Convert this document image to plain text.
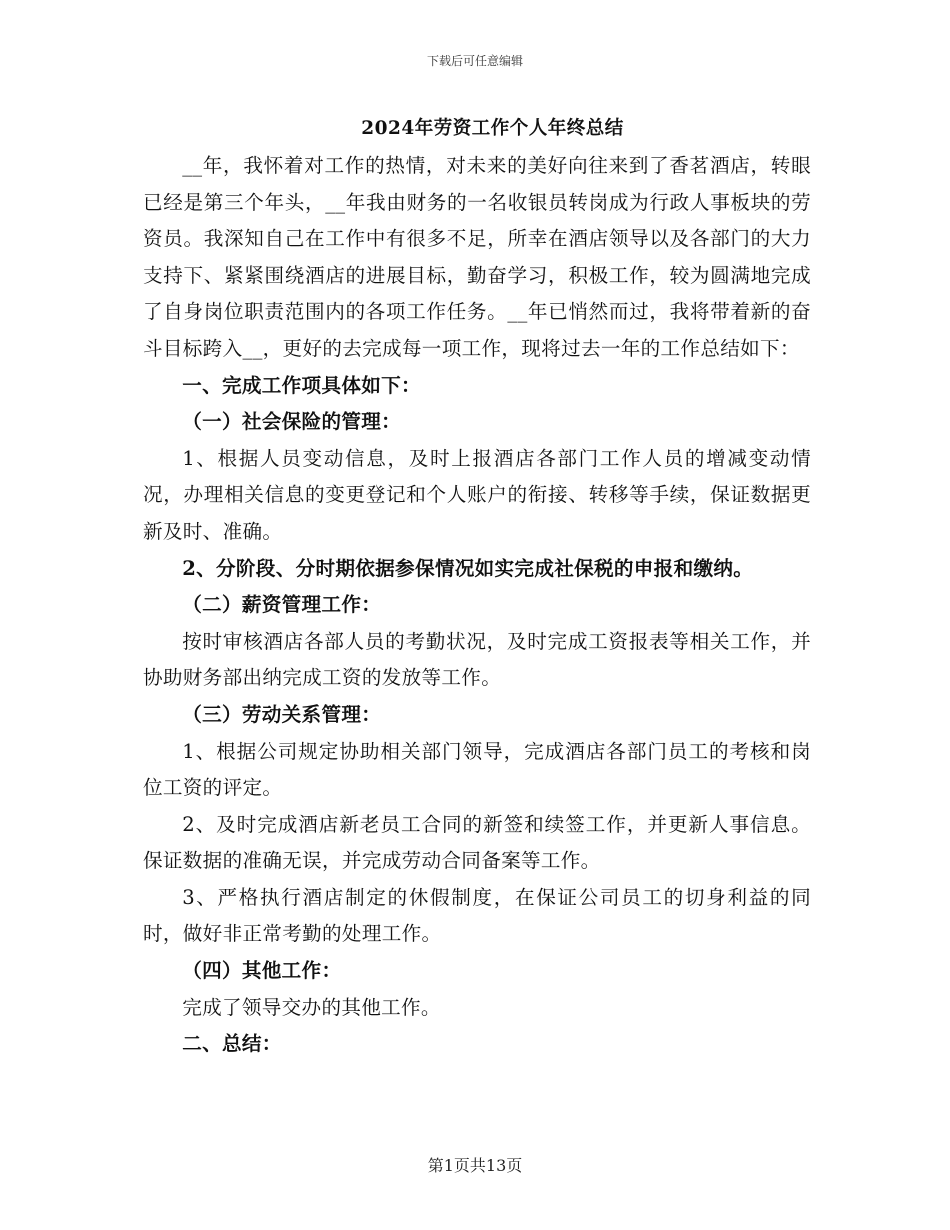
下载后可任意编辑
2024年劳资工作个人年终总结

__年，我怀着对工作的热情，对未来的美好向往来到了香茗酒店，转眼已经是第三个年头，__年我由财务的一名收银员转岗成为行政人事板块的劳资员。我深知自己在工作中有很多不足，所幸在酒店领导以及各部门的大力支持下、紧紧围绕酒店的进展目标，勤奋学习，积极工作，较为圆满地完成了自身岗位职责范围内的各项工作任务。__年已悄然而过，我将带着新的奋斗目标跨入__，更好的去完成每一项工作，现将过去一年的工作总结如下：

一、完成工作项具体如下：

（一）社会保险的管理：

1、根据人员变动信息，及时上报酒店各部门工作人员的增减变动情况，办理相关信息的变更登记和个人账户的衔接、转移等手续，保证数据更新及时、准确。

2、分阶段、分时期依据参保情况如实完成社保税的申报和缴纳。

（二）薪资管理工作：

按时审核酒店各部人员的考勤状况，及时完成工资报表等相关工作，并协助财务部出纳完成工资的发放等工作。

（三）劳动关系管理：

1、根据公司规定协助相关部门领导，完成酒店各部门员工的考核和岗位工资的评定。

2、及时完成酒店新老员工合同的新签和续签工作，并更新人事信息。保证数据的准确无误，并完成劳动合同备案等工作。

3、严格执行酒店制定的休假制度，在保证公司员工的切身利益的同时，做好非正常考勤的处理工作。

（四）其他工作：

完成了领导交办的其他工作。

二、总结：

第1页共13页
